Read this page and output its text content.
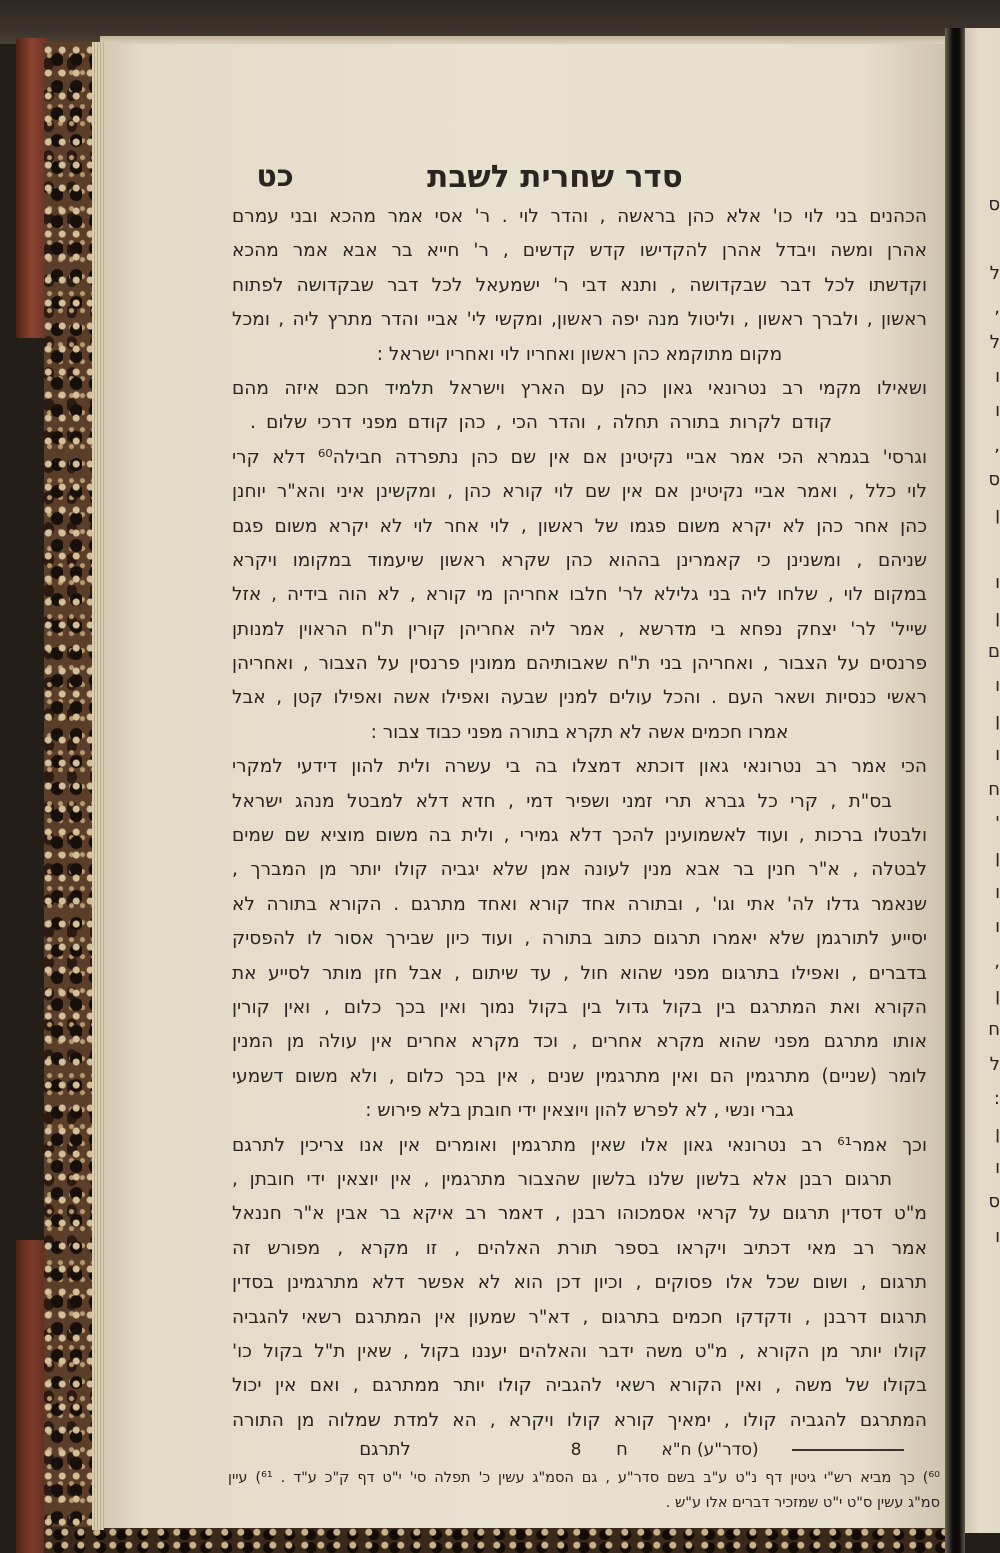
ס
ל
,
ל
ו
ו
,
ס
ן
ו
ן
ם
ו
ן
ו
ח
'
ן
ו
ו
,
ן
ח
ל
:
ן
ו
ס
ו
סדר שחרית לשבת
כט
הכהנים בני לוי כו' אלא כהן בראשה , והדר לוי . ר' אסי אמר מהכא ובני עמרם
אהרן ומשה ויבדל אהרן להקדישו קדש קדשים , ר' חייא בר אבא אמר מהכא
וקדשתו לכל דבר שבקדושה , ותנא דבי ר' ישמעאל לכל דבר שבקדושה לפתוח
ראשון , ולברך ראשון , וליטול מנה יפה ראשון, ומקשי לי' אביי והדר מתרץ ליה , ומכל
מקום מתוקמא כהן ראשון ואחריו לוי ואחריו ישראל :
ושאילו מקמי רב נטרונאי גאון כהן עם הארץ וישראל תלמיד חכם איזה מהם
קודם לקרות בתורה תחלה , והדר הכי , כהן קודם מפני דרכי שלום .
וגרסי' בגמרא הכי אמר אביי נקיטינן אם אין שם כהן נתפרדה חבילה⁶⁰ דלא קרי
לוי כלל , ואמר אביי נקיטינן אם אין שם לוי קורא כהן , ומקשינן איני והא"ר יוחנן
כהן אחר כהן לא יקרא משום פגמו של ראשון , לוי אחר לוי לא יקרא משום פגם
שניהם , ומשנינן כי קאמרינן בההוא כהן שקרא ראשון שיעמוד במקומו ויקרא
במקום לוי , שלחו ליה בני גלילא לר' חלבו אחריהן מי קורא , לא הוה בידיה , אזל
שייל' לר' יצחק נפחא בי מדרשא , אמר ליה אחריהן קורין ת"ח הראוין למנותן
פרנסים על הצבור , ואחריהן בני ת"ח שאבותיהם ממונין פרנסין על הצבור , ואחריהן
ראשי כנסיות ושאר העם . והכל עולים למנין שבעה ואפילו אשה ואפילו קטן , אבל
אמרו חכמים אשה לא תקרא בתורה מפני כבוד צבור :
הכי אמר רב נטרונאי גאון דוכתא דמצלו בה בי עשרה ולית להון דידעי למקרי
בס"ת , קרי כל גברא תרי זמני ושפיר דמי , חדא דלא למבטל מנהג ישראל
ולבטלו ברכות , ועוד לאשמועינן להכך דלא גמירי , ולית בה משום מוציא שם שמים
לבטלה , א"ר חנין בר אבא מנין לעונה אמן שלא יגביה קולו יותר מן המברך ,
שנאמר גדלו לה' אתי וגו' , ובתורה אחד קורא ואחד מתרגם . הקורא בתורה לא
יסייע לתורגמן שלא יאמרו תרגום כתוב בתורה , ועוד כיון שבירך אסור לו להפסיק
בדברים , ואפילו בתרגום מפני שהוא חול , עד שיתום , אבל חזן מותר לסייע את
הקורא ואת המתרגם בין בקול גדול בין בקול נמוך ואין בכך כלום , ואין קורין
אותו מתרגם מפני שהוא מקרא אחרים , וכד מקרא אחרים אין עולה מן המנין
לומר (שניים) מתרגמין הם ואין מתרגמין שנים , אין בכך כלום , ולא משום דשמעי
גברי ונשי , לא לפרש להון ויוצאין ידי חובתן בלא פירוש :
וכך אמר⁶¹ רב נטרונאי גאון אלו שאין מתרגמין ואומרים אין אנו צריכין לתרגם
תרגום רבנן אלא בלשון שלנו בלשון שהצבור מתרגמין , אין יוצאין ידי חובתן ,
מ"ט דסדין תרגום על קראי אסמכוהו רבנן , דאמר רב איקא בר אבין א"ר חננאל
אמר רב מאי דכתיב ויקראו בספר תורת האלהים , זו מקרא , מפורש זה
תרגום , ושום שכל אלו פסוקים , וכיון דכן הוא לא אפשר דלא מתרגמינן בסדין
תרגום דרבנן , ודקדקו חכמים בתרגום , דא"ר שמעון אין המתרגם רשאי להגביה
קולו יותר מן הקורא , מ"ט משה ידבר והאלהים יעננו בקול , שאין ת"ל בקול כו'
בקולו של משה , ואין הקורא רשאי להגביה קולו יותר ממתרגם , ואם אין יכול
המתרגם להגביה קולו , ימאיך קורא קולו ויקרא , הא למדת שמלוה מן התורה
(סדר"ע) ח"א
ח
8
לתרגם
⁶⁰) כך מביא רש"י גיטין דף נ"ט ע"ב בשם סדר"ע , גם הסמ"ג עשין כ' תפלה סי' י"ט דף ק"כ ע"ד . ⁶¹) עיין
סמ"ג עשין ס"ט י"ט שמזכיר דברים אלו ע"ש .
